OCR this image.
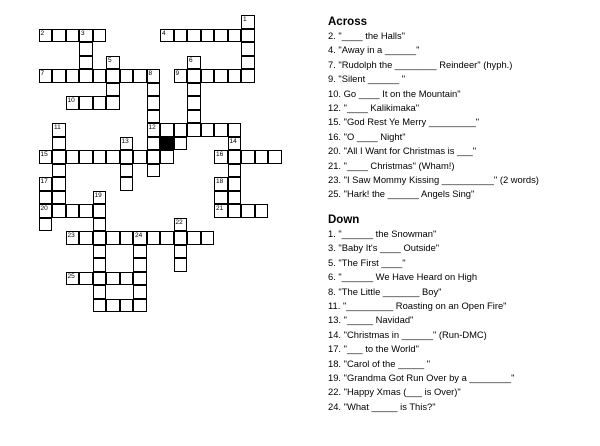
2	3	4
7	8	9
10
12
15	16
20	21
23	24
25
1
5	6
11
13	14
17	18
19
22
Across
2. "____ the Halls"
4. "Away in a ______"
7. "Rudolph the ________ Reindeer" (hyph.)
9. "Silent ______ "
10. Go ____ It on the Mountain"
12. "____ Kalikimaka"
15. "God Rest Ye Merry _________"
16. "O ____ Night"
20. "All I Want for Christmas is ___"
21. "____ Christmas" (Wham!)
23. "I Saw Mommy Kissing __________" (2 words)
25. "Hark! the ______ Angels Sing"
Down
1. "______ the Snowman"
3. "Baby It's ____ Outside"
5. "The First ____"
6. "______ We Have Heard on High
8. "The Little _______ Boy"
11. "_________ Roasting on an Open Fire"
13. "_____ Navidad"
14. "Christmas in ______" (Run-DMC)
17. "___ to the World"
18. "Carol of the _____ "
19. "Grandma Got Run Over by a ________"
22. "Happy Xmas (___ is Over)"
24. "What _____ is This?"
